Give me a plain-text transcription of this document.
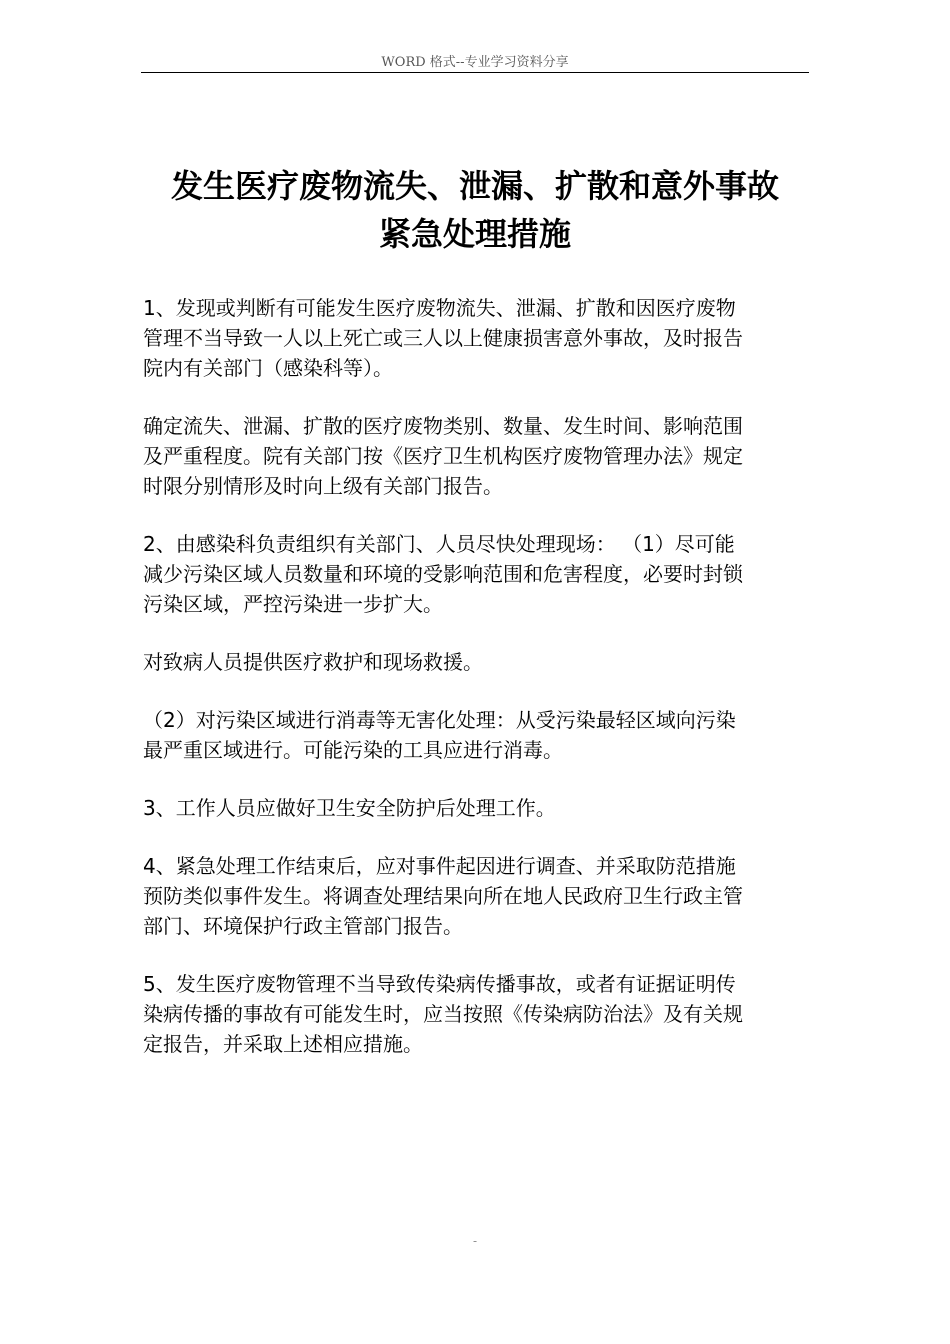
WORD 格式--专业学习资料分享
发生医疗废物流失、泄漏、扩散和意外事故
紧急处理措施

1、发现或判断有可能发生医疗废物流失、泄漏、扩散和因医疗废物
管理不当导致一人以上死亡或三人以上健康损害意外事故，及时报告
院内有关部门（感染科等）。

确定流失、泄漏、扩散的医疗废物类别、数量、发生时间、影响范围
及严重程度。院有关部门按《医疗卫生机构医疗废物管理办法》规定
时限分别情形及时向上级有关部门报告。

2、由感染科负责组织有关部门、人员尽快处理现场： （1）尽可能
减少污染区域人员数量和环境的受影响范围和危害程度，必要时封锁
污染区域，严控污染进一步扩大。

对致病人员提供医疗救护和现场救援。

（2）对污染区域进行消毒等无害化处理：从受污染最轻区域向污染
最严重区域进行。可能污染的工具应进行消毒。

3、工作人员应做好卫生安全防护后处理工作。

4、紧急处理工作结束后，应对事件起因进行调查、并采取防范措施
预防类似事件发生。将调查处理结果向所在地人民政府卫生行政主管
部门、环境保护行政主管部门报告。

5、发生医疗废物管理不当导致传染病传播事故，或者有证据证明传
染病传播的事故有可能发生时，应当按照《传染病防治法》及有关规
定报告，并采取上述相应措施。

-
